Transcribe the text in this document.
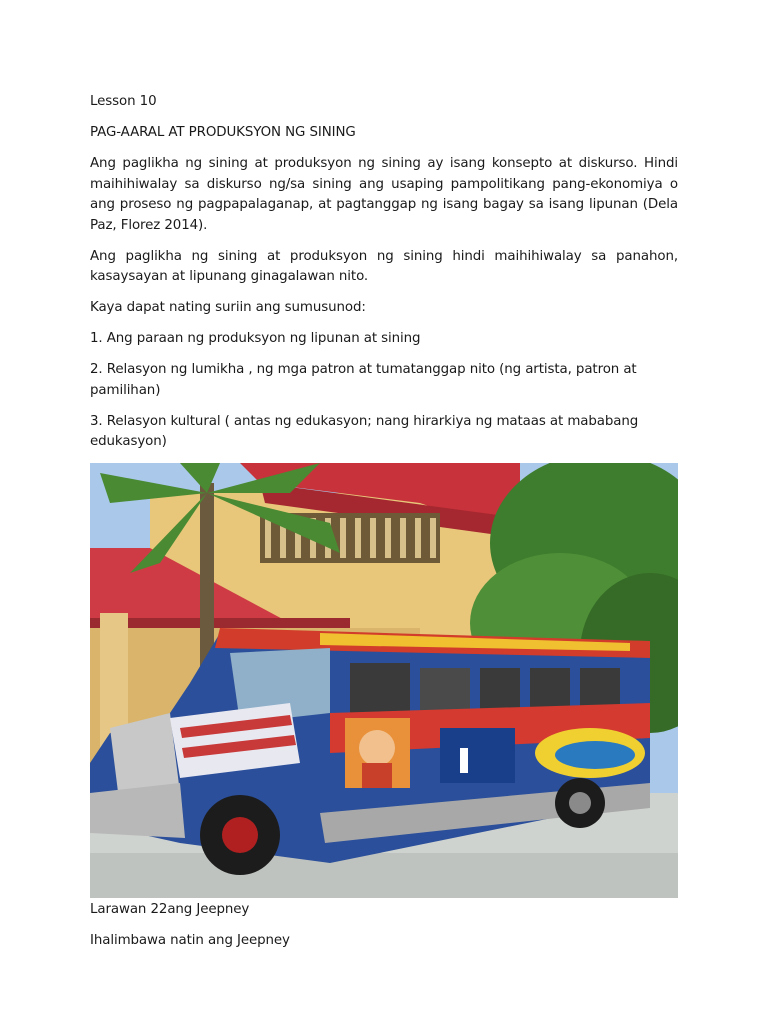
Lesson 10

PAG-AARAL AT PRODUKSYON NG SINING

Ang paglikha ng sining at produksyon ng sining ay isang konsepto at diskurso. Hindi maihihiwalay sa diskurso ng/sa sining ang usaping pampolitikang pang-ekonomiya o ang proseso ng pagpapalaganap, at pagtanggap ng isang bagay sa isang lipunan (Dela Paz, Florez 2014).

Ang paglikha ng sining at produksyon ng sining hindi maihihiwalay sa panahon, kasaysayan at lipunang ginagalawan nito.

Kaya dapat nating suriin ang sumusunod:

1. Ang paraan ng produksyon ng lipunan at sining

2. Relasyon ng lumikha , ng mga patron at tumatanggap nito (ng artista, patron at pamilihan)

3. Relasyon kultural ( antas ng edukasyon; nang hirarkiya ng mataas at mababang edukasyon)

Larawan 22ang Jeepney

Ihalimbawa natin ang Jeepney
